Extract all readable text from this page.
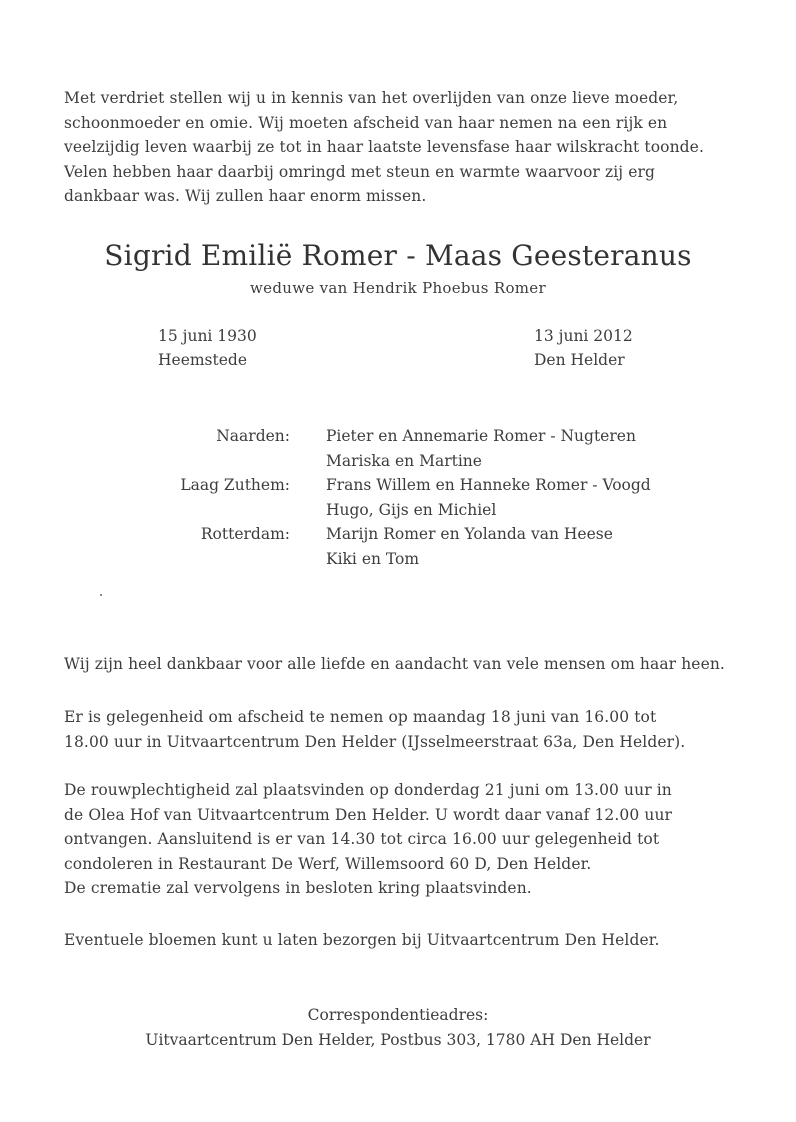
Met verdriet stellen wij u in kennis van het overlijden van onze lieve moeder,
schoonmoeder en omie. Wij moeten afscheid van haar nemen na een rijk en
veelzijdig leven waarbij ze tot in haar laatste levensfase haar wilskracht toonde.
Velen hebben haar daarbij omringd met steun en warmte waarvoor zij erg
dankbaar was. Wij zullen haar enorm missen.
Sigrid Emilië Romer - Maas Geesteranus
weduwe van Hendrik Phoebus Romer
15 juni 1930
Heemstede
13 juni 2012
Den Helder
Naarden:	Pieter en Annemarie Romer - Nugteren
Mariska en Martine
Laag Zuthem:	Frans Willem en Hanneke Romer - Voogd
Hugo, Gijs en Michiel
Rotterdam:	Marijn Romer en Yolanda van Heese
Kiki en Tom
Wij zijn heel dankbaar voor alle liefde en aandacht van vele mensen om haar heen.
Er is gelegenheid om afscheid te nemen op maandag 18 juni van 16.00 tot
18.00 uur in Uitvaartcentrum Den Helder (IJsselmeerstraat 63a, Den Helder).
De rouwplechtigheid zal plaatsvinden op donderdag 21 juni om 13.00 uur in
de Olea Hof van Uitvaartcentrum Den Helder. U wordt daar vanaf 12.00 uur
ontvangen. Aansluitend is er van 14.30 tot circa 16.00 uur gelegenheid tot
condoleren in Restaurant De Werf, Willemsoord 60 D, Den Helder.
De crematie zal vervolgens in besloten kring plaatsvinden.
Eventuele bloemen kunt u laten bezorgen bij Uitvaartcentrum Den Helder.
Correspondentieadres:
Uitvaartcentrum Den Helder, Postbus 303, 1780 AH Den Helder
